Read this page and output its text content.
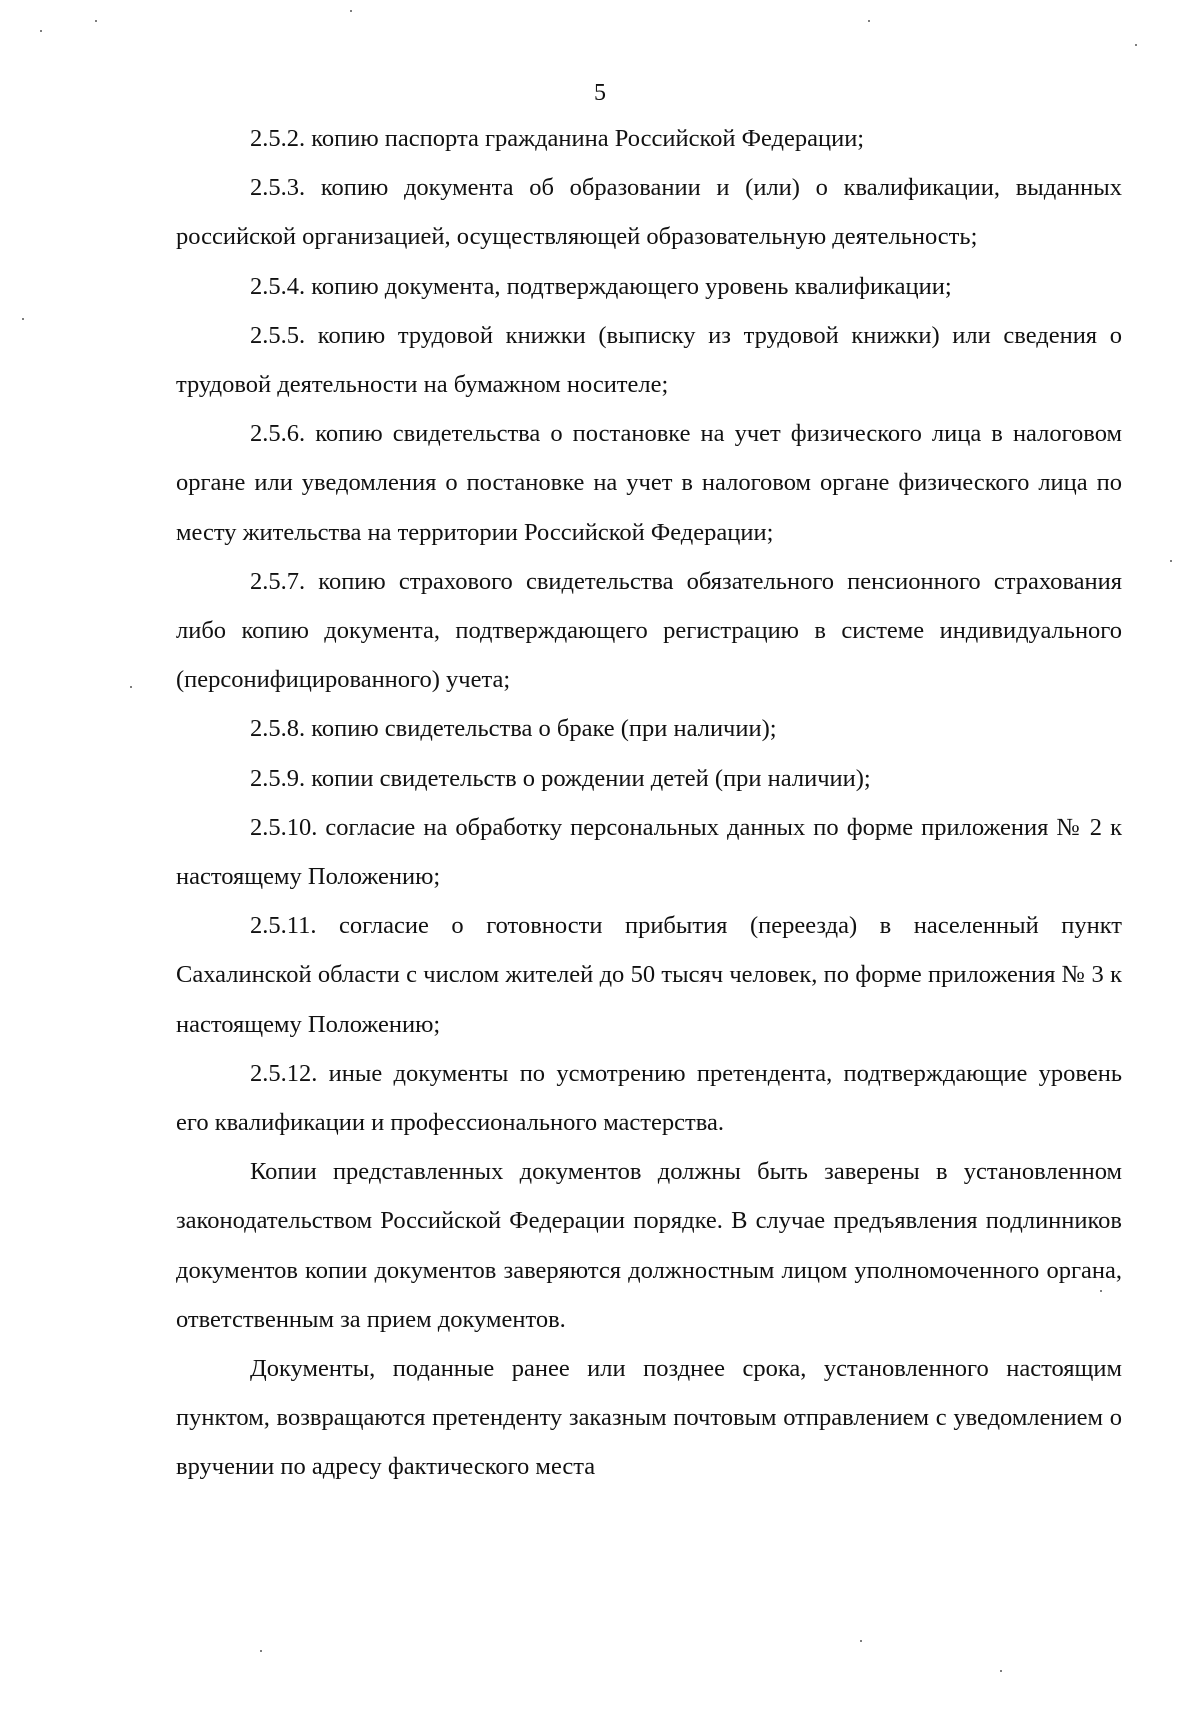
5

2.5.2. копию паспорта гражданина Российской Федерации;

2.5.3. копию документа об образовании и (или) о квалификации, выданных российской организацией, осуществляющей образовательную деятельность;

2.5.4. копию документа, подтверждающего уровень квалификации;

2.5.5. копию трудовой книжки (выписку из трудовой книжки) или сведения о трудовой деятельности на бумажном носителе;

2.5.6. копию свидетельства о постановке на учет физического лица в налоговом органе или уведомления о постановке на учет в налоговом органе физического лица по месту жительства на территории Российской Федерации;

2.5.7. копию страхового свидетельства обязательного пенсионного страхования либо копию документа, подтверждающего регистрацию в системе индивидуального (персонифицированного) учета;

2.5.8. копию свидетельства о браке (при наличии);

2.5.9. копии свидетельств о рождении детей (при наличии);

2.5.10. согласие на обработку персональных данных по форме приложения № 2 к настоящему Положению;

2.5.11. согласие о готовности прибытия (переезда) в населенный пункт Сахалинской области с числом жителей до 50 тысяч человек, по форме приложения № 3 к настоящему Положению;

2.5.12. иные документы по усмотрению претендента, подтверждающие уровень его квалификации и профессионального мастерства.

Копии представленных документов должны быть заверены в установленном законодательством Российской Федерации порядке. В случае предъявления подлинников документов копии документов заверяются должностным лицом уполномоченного органа, ответственным за прием документов.

Документы, поданные ранее или позднее срока, установленного настоящим пунктом, возвращаются претенденту заказным почтовым отправлением с уведомлением о вручении по адресу фактического места
